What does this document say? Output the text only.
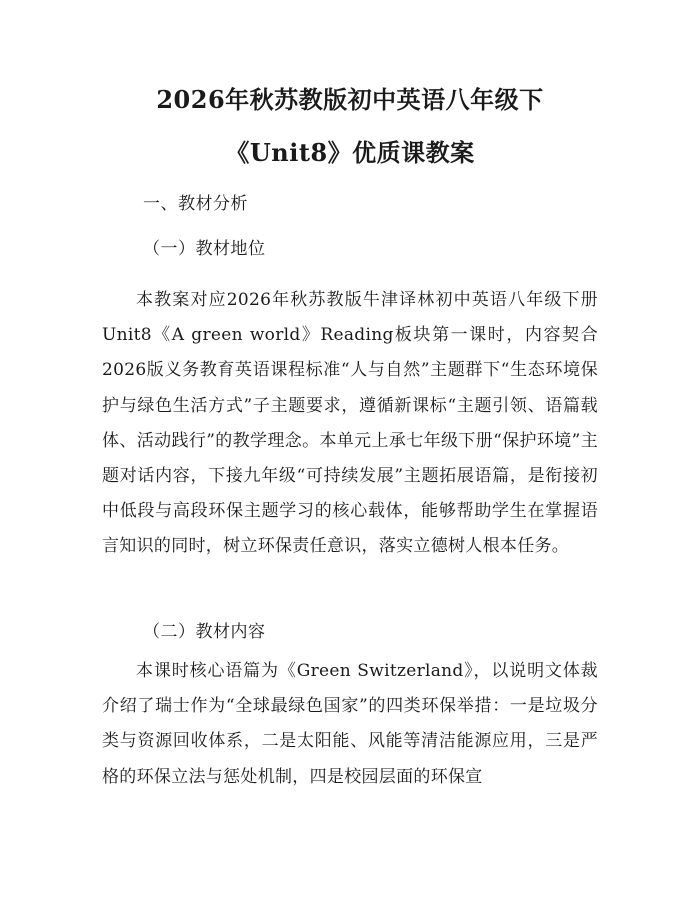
2026年秋苏教版初中英语八年级下
《Unit8》优质课教案
一、教材分析
（一）教材地位

本教案对应2026年秋苏教版牛津译林初中英语八年级下册Unit8《A green world》Reading板块第一课时，内容契合2026版义务教育英语课程标准“人与自然”主题群下“生态环境保护与绿色生活方式”子主题要求，遵循新课标“主题引领、语篇载体、活动践行”的教学理念。本单元上承七年级下册“保护环境”主题对话内容，下接九年级“可持续发展”主题拓展语篇，是衔接初中低段与高段环保主题学习的核心载体，能够帮助学生在掌握语言知识的同时，树立环保责任意识，落实立德树人根本任务。

（二）教材内容

本课时核心语篇为《Green Switzerland》，以说明文体裁介绍了瑞士作为“全球最绿色国家”的四类环保举措：一是垃圾分类与资源回收体系，二是太阳能、风能等清洁能源应用，三是严格的环保立法与惩处机制，四是校园层面的环保宣
